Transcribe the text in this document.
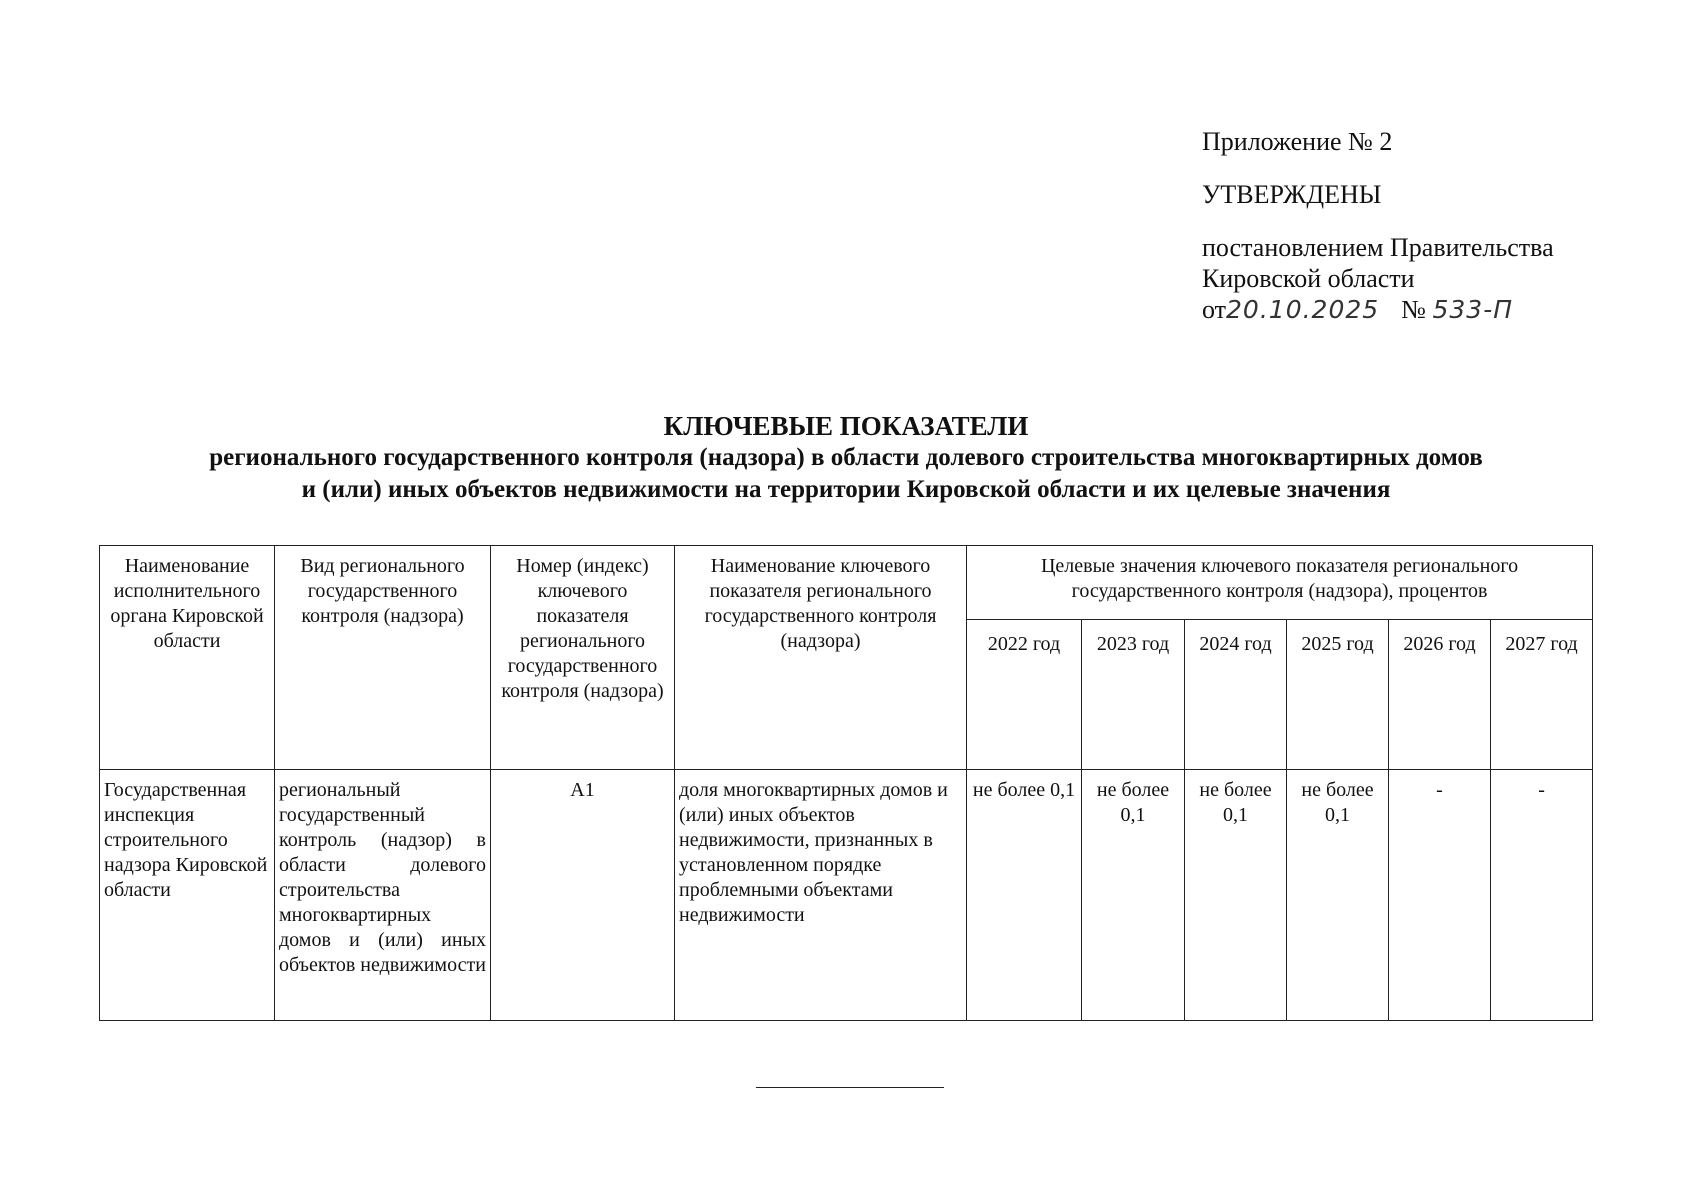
Приложение № 2
УТВЕРЖДЕНЫ
постановлением Правительства
Кировской области
от20.10.2025 № 533-П
КЛЮЧЕВЫЕ ПОКАЗАТЕЛИ
регионального государственного контроля (надзора) в области долевого строительства многоквартирных домов
и (или) иных объектов недвижимости на территории Кировской области и их целевые значения
Наименование исполнительного органа Кировской области	Вид регионального государственного контроля (надзора)	Номер (индекс) ключевого показателя регионального государственного контроля (надзора)	Наименование ключевого показателя регионального государственного контроля (надзора)	Целевые значения ключевого показателя регионального государственного контроля (надзора), процентов					
				2022 год	2023 год	2024 год	2025 год	2026 год	2027 год
Государственная инспекция строительного надзора Кировской области	региональный государственный контроль (надзор) в области долевого строительства многоквартирных домов и (или) иных объектов недвижимости	А1	доля многоквартирных домов и (или) иных объектов недвижимости, признанных в установленном порядке проблемными объектами недвижимости	не более 0,1	не более 0,1	не более 0,1	не более 0,1	-	-
